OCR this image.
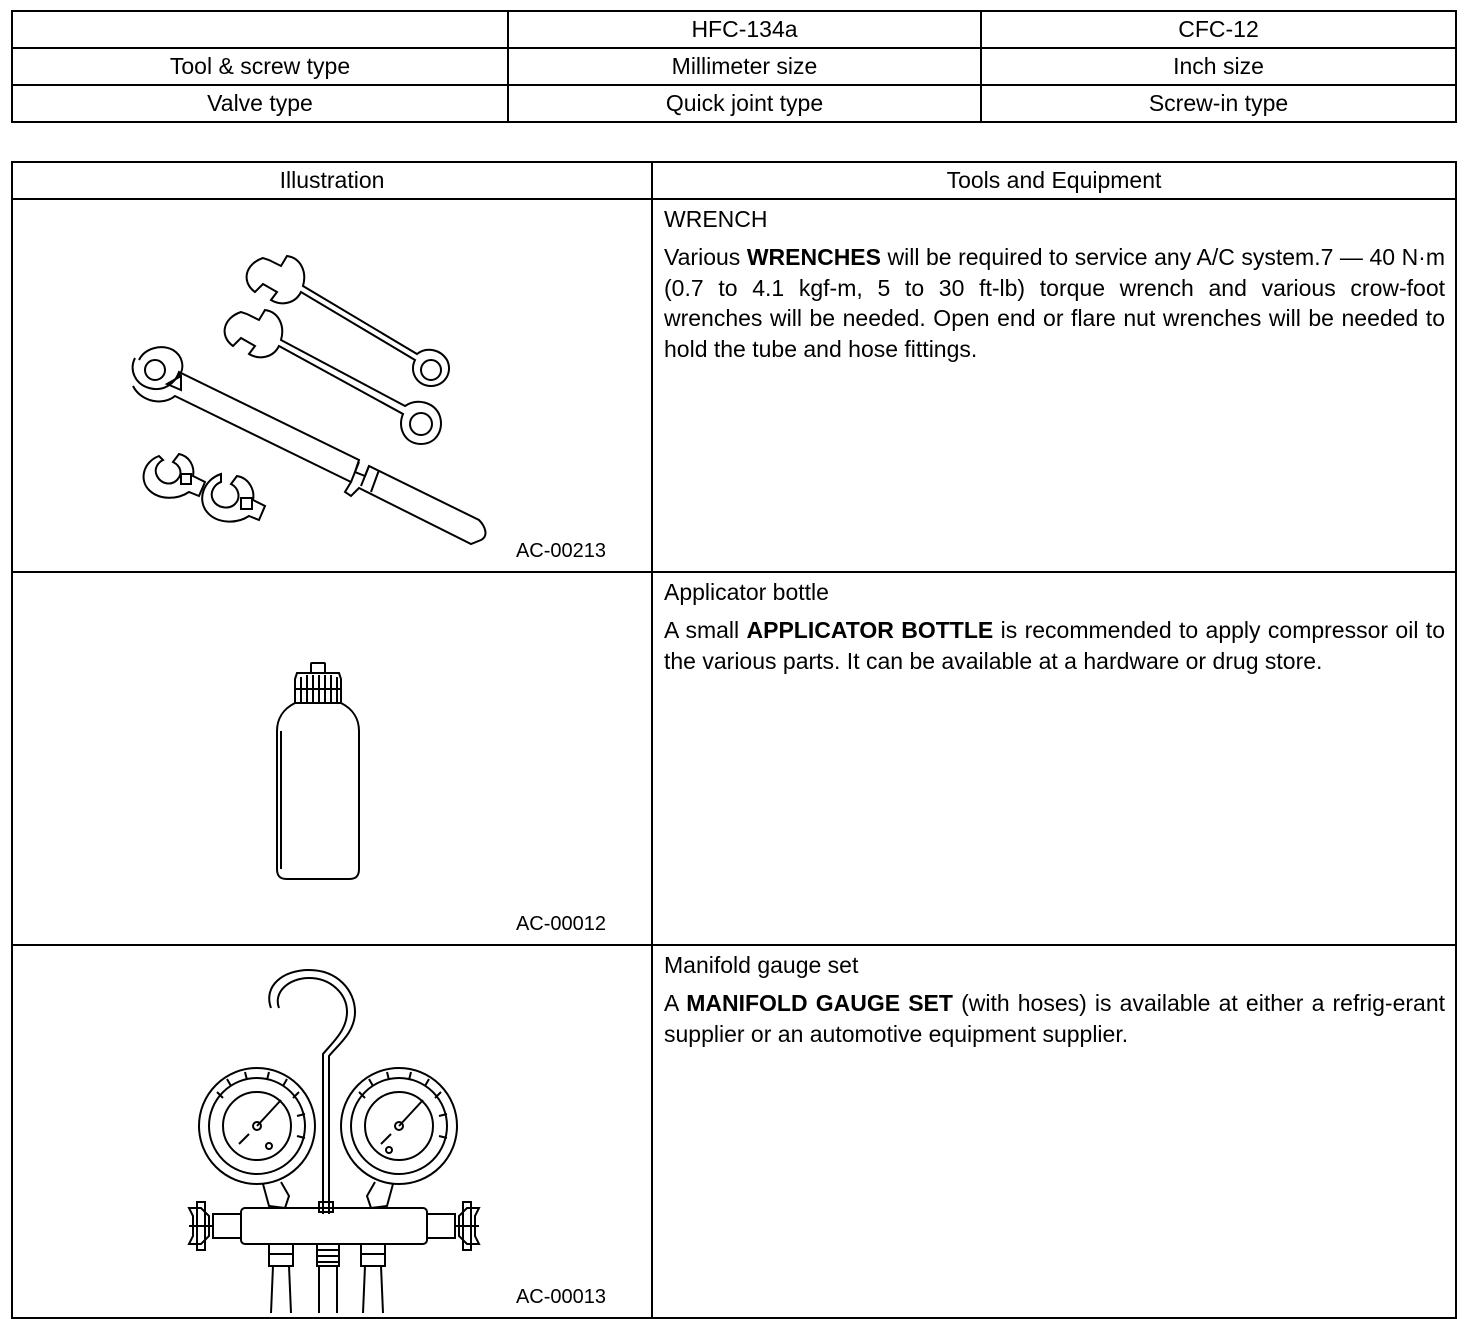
	HFC-134a	CFC-12
Tool & screw type	Millimeter size	Inch size
Valve type	Quick joint type	Screw-in type
Illustration	Tools and Equipment

AC-00213	WRENCH

Various WRENCHES will be required to service any A/C system.7 — 40 N·m (0.7 to 4.1 kgf-m, 5 to 30 ft-lb) torque wrench and various crow-foot wrenches will be needed. Open end or flare nut wrenches will be needed to hold the tube and hose fittings.

AC-00012	Applicator bottle

A small APPLICATOR BOTTLE is recommended to apply compressor oil to the various parts. It can be available at a hardware or drug store.

AC-00013	Manifold gauge set

A MANIFOLD GAUGE SET (with hoses) is available at either a refrig-erant supplier or an automotive equipment supplier.
